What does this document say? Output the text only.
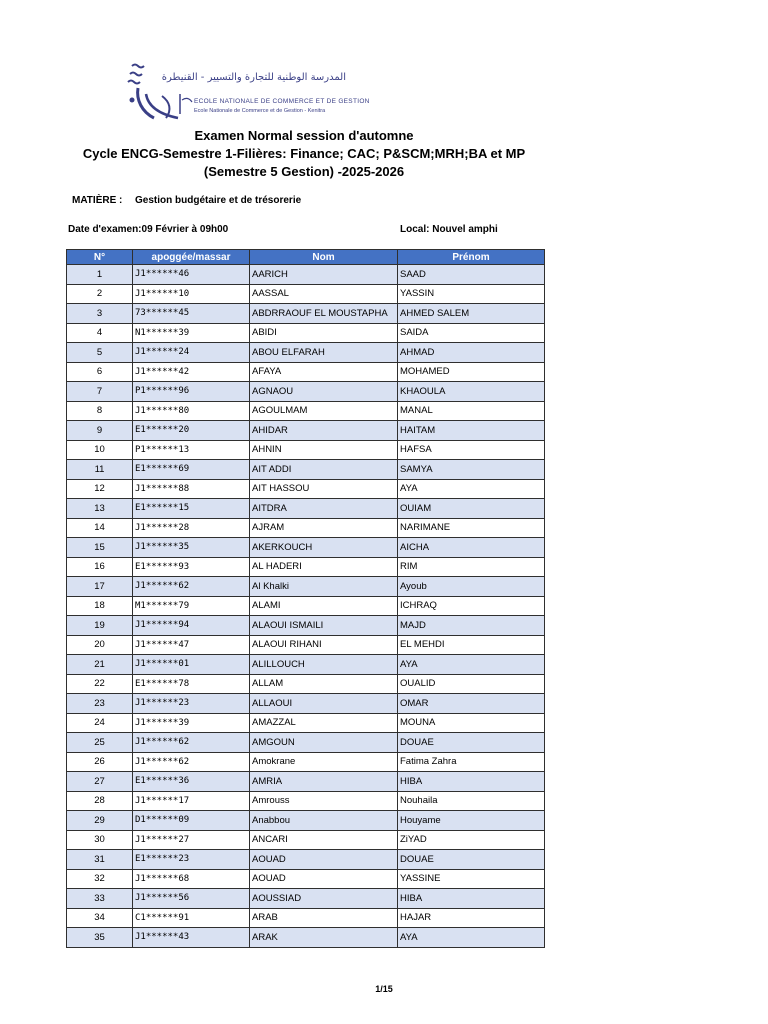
المدرسة الوطنية للتجارة والتسيير - القنيطرة
ECOLE NATIONALE DE COMMERCE ET DE GESTION
Ecole Nationale de Commerce et de Gestion - Kenitra
Examen Normal session d'automne
Cycle ENCG-Semestre 1-Filières: Finance; CAC; P&SCM;MRH;BA et MP
(Semestre 5 Gestion) -2025-2026
MATIÈRE : Gestion budgétaire et de trésorerie
Date d'examen:09 Février à 09h00	Local: Nouvel amphi
N°	apoggée/massar	Nom	Prénom
1	J1******46	AARICH	SAAD
2	J1******10	AASSAL	YASSIN
3	73******45	ABDRRAOUF EL MOUSTAPHA	AHMED SALEM
4	N1******39	ABIDI	SAIDA
5	J1******24	ABOU ELFARAH	AHMAD
6	J1******42	AFAYA	MOHAMED
7	P1******96	AGNAOU	KHAOULA
8	J1******80	AGOULMAM	MANAL
9	E1******20	AHIDAR	HAITAM
10	P1******13	AHNIN	HAFSA
11	E1******69	AIT ADDI	SAMYA
12	J1******88	AIT HASSOU	AYA
13	E1******15	AITDRA	OUIAM
14	J1******28	AJRAM	NARIMANE
15	J1******35	AKERKOUCH	AICHA
16	E1******93	AL HADERI	RIM
17	J1******62	Al Khalki	Ayoub
18	M1******79	ALAMI	ICHRAQ
19	J1******94	ALAOUI ISMAILI	MAJD
20	J1******47	ALAOUI RIHANI	EL MEHDI
21	J1******01	ALILLOUCH	AYA
22	E1******78	ALLAM	OUALID
23	J1******23	ALLAOUI	OMAR
24	J1******39	AMAZZAL	MOUNA
25	J1******62	AMGOUN	DOUAE
26	J1******62	Amokrane	Fatima Zahra
27	E1******36	AMRIA	HIBA
28	J1******17	Amrouss	Nouhaila
29	D1******09	Anabbou	Houyame
30	J1******27	ANCARI	ZiYAD
31	E1******23	AOUAD	DOUAE
32	J1******68	AOUAD	YASSINE
33	J1******56	AOUSSIAD	HIBA
34	C1******91	ARAB	HAJAR
35	J1******43	ARAK	AYA
1/15
